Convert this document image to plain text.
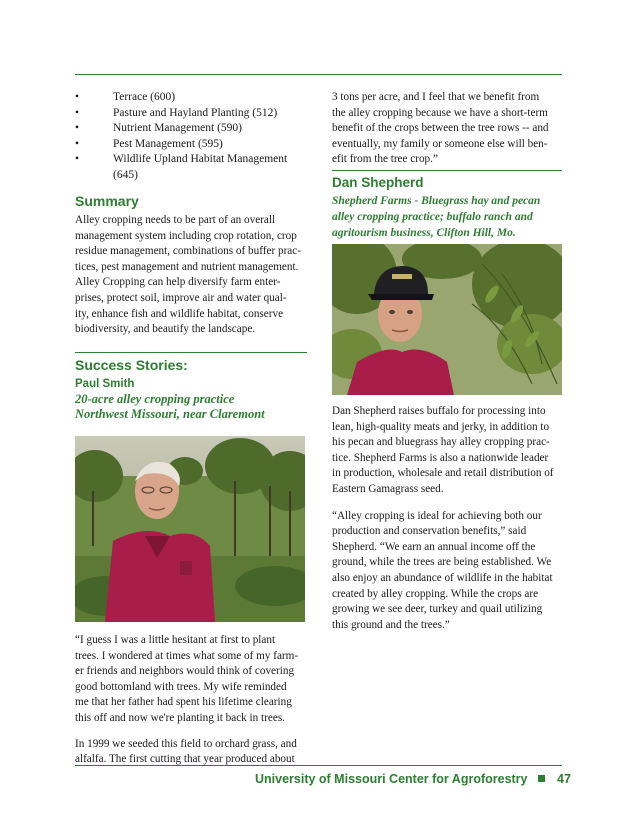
•	Terrace (600)
•	Pasture and Hayland Planting (512)
•	Nutrient Management (590)
•	Pest Management (595)
•	Wildlife Upland Habitat Management (645)
Summary
Alley cropping needs to be part of an overall
management system including crop rotation, crop
residue management, combinations of buffer prac-
tices, pest management and nutrient management.
Alley Cropping can help diversify farm enter-
prises, protect soil, improve air and water qual-
ity, enhance fish and wildlife habitat, conserve
biodiversity, and beautify the landscape.
Success Stories:
Paul Smith
20-acre alley cropping practice
Northwest Missouri, near Claremont
“I guess I was a little hesitant at first to plant
trees. I wondered at times what some of my farm-
er friends and neighbors would think of covering
good bottomland with trees. My wife reminded
me that her father had spent his lifetime clearing
this off and now we're planting it back in trees.
In 1999 we seeded this field to orchard grass, and
alfalfa. The first cutting that year produced about
3 tons per acre, and I feel that we benefit from
the alley cropping because we have a short-term
benefit of the crops between the tree rows -- and
eventually, my family or someone else will ben-
efit from the tree crop.”
Dan Shepherd
Shepherd Farms - Bluegrass hay and pecan
alley cropping practice; buffalo ranch and
agritourism business, Clifton Hill, Mo.
Dan Shepherd raises buffalo for processing into
lean, high-quality meats and jerky, in addition to
his pecan and bluegrass hay alley cropping prac-
tice. Shepherd Farms is also a nationwide leader
in production, wholesale and retail distribution of
Eastern Gamagrass seed.
“Alley cropping is ideal for achieving both our
production and conservation benefits,” said
Shepherd. “We earn an annual income off the
ground, while the trees are being established. We
also enjoy an abundance of wildlife in the habitat
created by alley cropping. While the crops are
growing we see deer, turkey and quail utilizing
this ground and the trees.”
University of Missouri Center for Agroforestry	47
